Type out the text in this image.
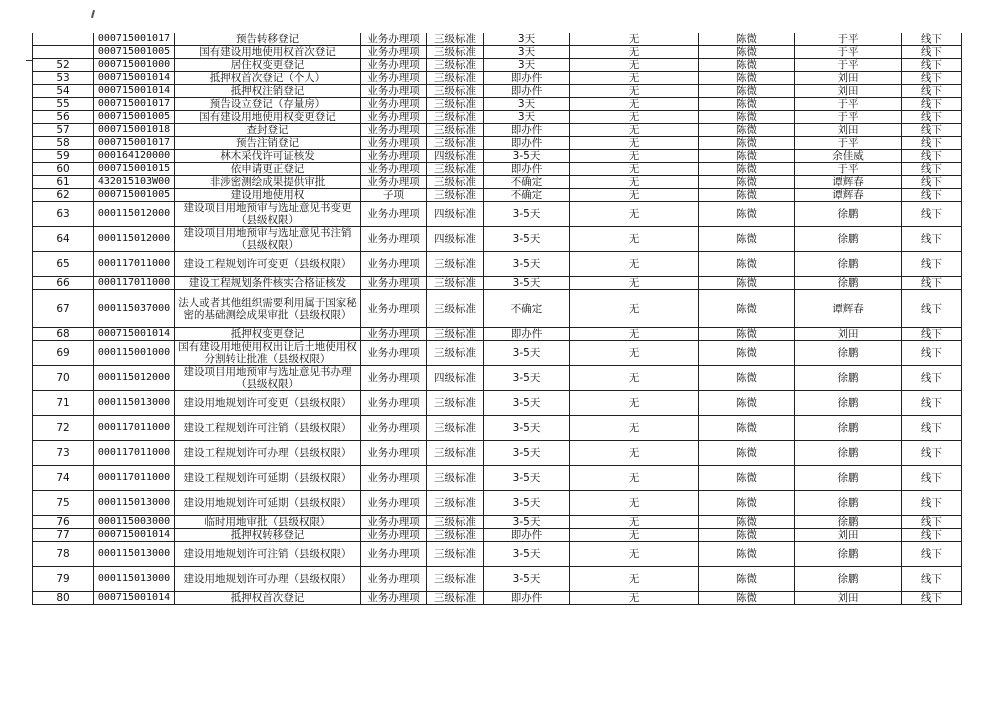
	000715001017	预告转移登记	业务办理项	三级标准	3天	无	陈微	于平	线下
	000715001005	国有建设用地使用权首次登记	业务办理项	三级标准	3天	无	陈微	于平	线下
52	000715001000	居住权变更登记	业务办理项	三级标准	3天	无	陈微	于平	线下
53	000715001014	抵押权首次登记（个人）	业务办理项	三级标准	即办件	无	陈微	刘田	线下
54	000715001014	抵押权注销登记	业务办理项	三级标准	即办件	无	陈微	刘田	线下
55	000715001017	预告设立登记（存量房）	业务办理项	三级标准	3天	无	陈微	于平	线下
56	000715001005	国有建设用地使用权变更登记	业务办理项	三级标准	3天	无	陈微	于平	线下
57	000715001018	查封登记	业务办理项	三级标准	即办件	无	陈微	刘田	线下
58	000715001017	预告注销登记	业务办理项	三级标准	即办件	无	陈微	于平	线下
59	000164120000	林木采伐许可证核发	业务办理项	四级标准	3-5天	无	陈微	余佳威	线下
60	000715001015	依申请更正登记	业务办理项	三级标准	即办件	无	陈微	于平	线下
61	432015103W00	非涉密测绘成果提供审批	业务办理项	三级标准	不确定	无	陈微	谭辉春	线下
62	000715001005	建设用地使用权	子项	三级标准	不确定	无	陈微	谭辉春	线下
63	000115012000	建设项目用地预审与选址意见书变更（县级权限）	业务办理项	四级标准	3-5天	无	陈微	徐鹏	线下
64	000115012000	建设项目用地预审与选址意见书注销（县级权限）	业务办理项	四级标准	3-5天	无	陈微	徐鹏	线下
65	000117011000	建设工程规划许可变更（县级权限）	业务办理项	三级标准	3-5天	无	陈微	徐鹏	线下
66	000117011000	建设工程规划条件核实合格证核发	业务办理项	三级标准	3-5天	无	陈微	徐鹏	线下
67	000115037000	法人或者其他组织需要利用属于国家秘密的基础测绘成果审批（县级权限）	业务办理项	三级标准	不确定	无	陈微	谭辉春	线下
68	000715001014	抵押权变更登记	业务办理项	三级标准	即办件	无	陈微	刘田	线下
69	000115001000	国有建设用地使用权出让后土地使用权分割转让批准（县级权限）	业务办理项	三级标准	3-5天	无	陈微	徐鹏	线下
70	000115012000	建设项目用地预审与选址意见书办理（县级权限）	业务办理项	四级标准	3-5天	无	陈微	徐鹏	线下
71	000115013000	建设用地规划许可变更（县级权限）	业务办理项	三级标准	3-5天	无	陈微	徐鹏	线下
72	000117011000	建设工程规划许可注销（县级权限）	业务办理项	三级标准	3-5天	无	陈微	徐鹏	线下
73	000117011000	建设工程规划许可办理（县级权限）	业务办理项	三级标准	3-5天	无	陈微	徐鹏	线下
74	000117011000	建设工程规划许可延期（县级权限）	业务办理项	三级标准	3-5天	无	陈微	徐鹏	线下
75	000115013000	建设用地规划许可延期（县级权限）	业务办理项	三级标准	3-5天	无	陈微	徐鹏	线下
76	000115003000	临时用地审批（县级权限）	业务办理项	三级标准	3-5天	无	陈微	徐鹏	线下
77	000715001014	抵押权转移登记	业务办理项	三级标准	即办件	无	陈微	刘田	线下
78	000115013000	建设用地规划许可注销（县级权限）	业务办理项	三级标准	3-5天	无	陈微	徐鹏	线下
79	000115013000	建设用地规划许可办理（县级权限）	业务办理项	三级标准	3-5天	无	陈微	徐鹏	线下
80	000715001014	抵押权首次登记	业务办理项	三级标准	即办件	无	陈微	刘田	线下
